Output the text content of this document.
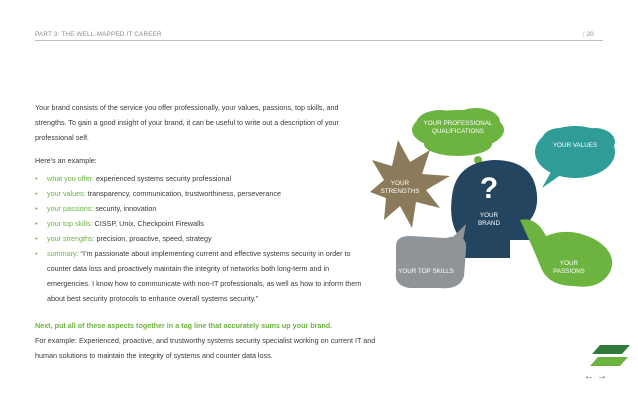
PART 3: THE WELL-MAPPED IT CAREER	| 20

Your brand consists of the service you offer professionally, your values, passions, top skills, and strengths. To gain a good insight of your brand, it can be useful to write out a description of your professional self.

Here’s an example:

• what you offer: experienced systems security professional
• your values: transparency, communication, trustworthiness, perseverance
• your passions: security, innovation
• your top skills: CISSP, Unix, Checkpoint Firewalls
• your strengths: precision, proactive, speed, strategy
• summary: “I’m passionate about implementing current and effective systems security in order to counter data loss and proactively maintain the integrity of networks both long-term and in emergencies. I know how to communicate with non-IT professionals, as well as how to inform them about best security protocols to enhance overall systems security.”
Next, put all of these aspects together in a tag line that accurately sums up your brand.
For example: Experienced, proactive, and trustworthy systems security specialist working on current IT and human solutions to maintain the integrity of systems and counter data loss.
YOUR PROFESSIONAL QUALIFICATIONS
YOUR VALUES
YOUR STRENGTHS ?
YOUR BRAND
YOUR PASSIONS
YOUR TOP SKILLS
←→
